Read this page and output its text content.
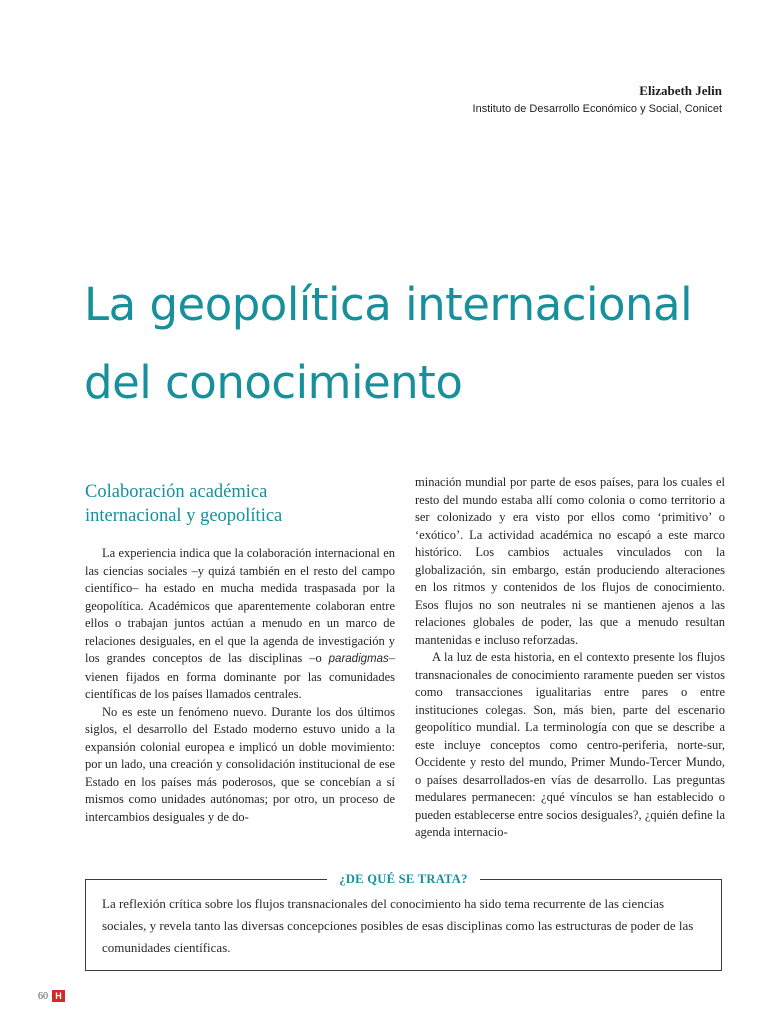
Elizabeth Jelin
Instituto de Desarrollo Económico y Social, Conicet
La geopolítica internacional
del conocimiento
Colaboración académica
internacional y geopolítica

La experiencia indica que la colaboración internacional en las ciencias sociales –y quizá también en el resto del campo científico– ha estado en mucha medida traspasada por la geopolítica. Académicos que aparentemente colaboran entre ellos o trabajan juntos actúan a menudo en un marco de relaciones desiguales, en el que la agenda de investigación y los grandes conceptos de las disciplinas –o paradigmas– vienen fijados en forma dominante por las comunidades científicas de los países llamados centrales.

No es este un fenómeno nuevo. Durante los dos últimos siglos, el desarrollo del Estado moderno estuvo unido a la expansión colonial europea e implicó un doble movimiento: por un lado, una creación y consolidación institucional de ese Estado en los países más poderosos, que se concebían a sí mismos como unidades autónomas; por otro, un proceso de intercambios desiguales y de do-

minación mundial por parte de esos países, para los cuales el resto del mundo estaba allí como colonia o como territorio a ser colonizado y era visto por ellos como ‘primitivo’ o ‘exótico’. La actividad académica no escapó a este marco histórico. Los cambios actuales vinculados con la globalización, sin embargo, están produciendo alteraciones en los ritmos y contenidos de los flujos de conocimiento. Esos flujos no son neutrales ni se mantienen ajenos a las relaciones globales de poder, las que a menudo resultan mantenidas e incluso reforzadas.

A la luz de esta historia, en el contexto presente los flujos transnacionales de conocimiento raramente pueden ser vistos como transacciones igualitarias entre pares o entre instituciones colegas. Son, más bien, parte del escenario geopolítico mundial. La terminología con que se describe a este incluye conceptos como centro-periferia, norte-sur, Occidente y resto del mundo, Primer Mundo-Tercer Mundo, o países desarrollados-en vías de desarrollo. Las preguntas medulares permanecen: ¿qué vínculos se han establecido o pueden establecerse entre socios desiguales?, ¿quién define la agenda internacio-

¿DE QUÉ SE TRATA?

La reflexión crítica sobre los flujos transnacionales del conocimiento ha sido tema recurrente de las ciencias sociales, y revela tanto las diversas concepciones posibles de esas disciplinas como las estructuras de poder de las comunidades científicas.

60 H
